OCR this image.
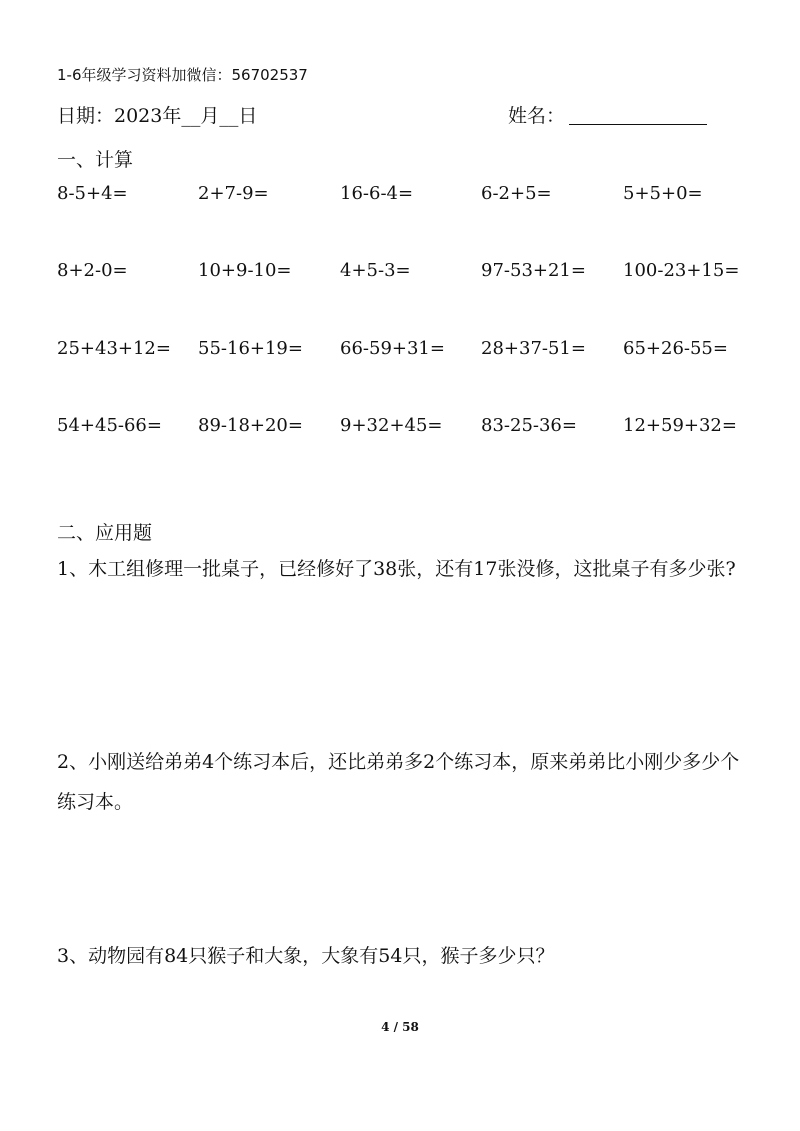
1-6年级学习资料加微信：56702537
日期：2023年__月__日	姓名：
一、计算
8-5+4=	2+7-9=	16-6-4=	6-2+5=	5+5+0=
8+2-0=	10+9-10=	4+5-3=	97-53+21= 100-23+15=
25+43+12= 55-16+19= 66-59+31= 28+37-51= 65+26-55=
54+45-66= 89-18+20= 9+32+45= 83-25-36=	12+59+32=
二、应用题
1、木工组修理一批桌子，已经修好了38张，还有17张没修，这批桌子有多少张?
2、小刚送给弟弟4个练习本后，还比弟弟多2个练习本，原来弟弟比小刚少多少个练习本。
3、动物园有84只猴子和大象，大象有54只，猴子多少只？
4 / 58
